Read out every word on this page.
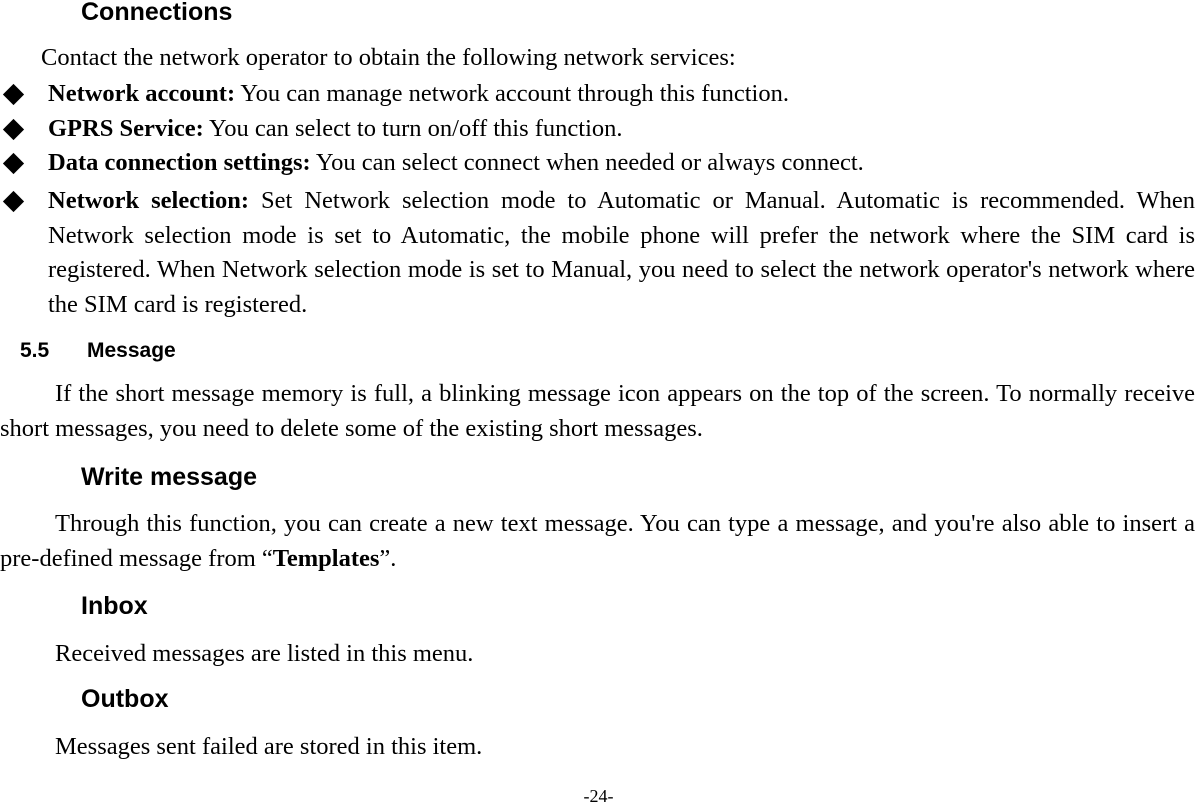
Connections
Contact the network operator to obtain the following network services:
Network account: You can manage network account through this function.
GPRS Service: You can select to turn on/off this function.
Data connection settings: You can select connect when needed or always connect.
Network selection: Set Network selection mode to Automatic or Manual. Automatic is recommended. When Network selection mode is set to Automatic, the mobile phone will prefer the network where the SIM card is registered. When Network selection mode is set to Manual, you need to select the network operator's network where the SIM card is registered.
5.5 Message
If the short message memory is full, a blinking message icon appears on the top of the screen. To normally receive short messages, you need to delete some of the existing short messages.
Write message
Through this function, you can create a new text message. You can type a message, and you're also able to insert a pre-defined message from “Templates”.
Inbox
Received messages are listed in this menu.
Outbox
Messages sent failed are stored in this item.
-24-
